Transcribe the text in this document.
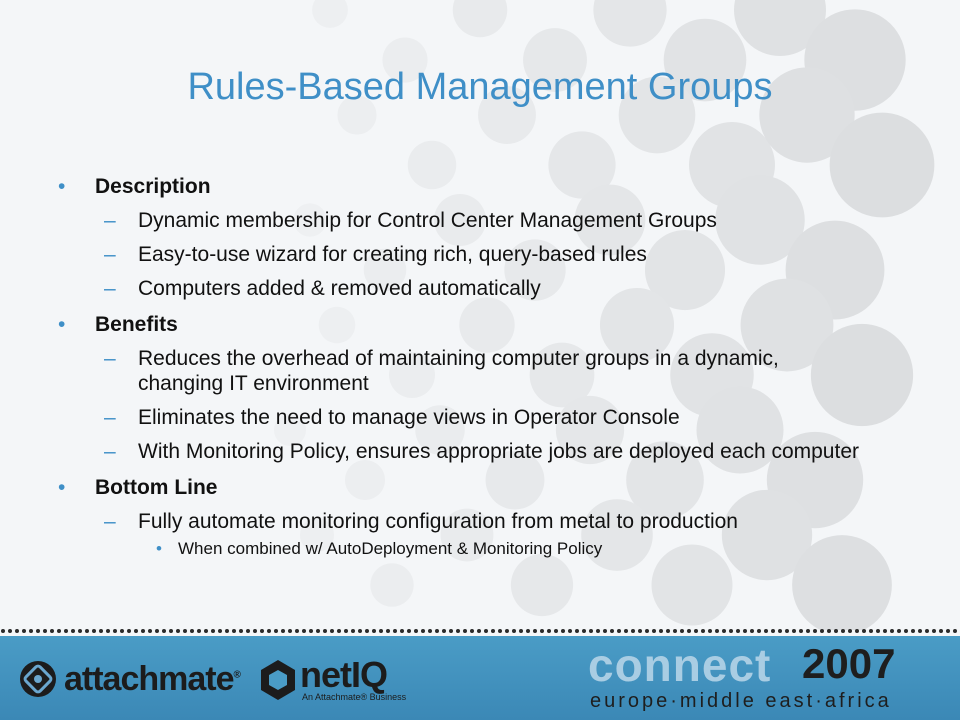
Rules-Based Management Groups
• Description
– Dynamic membership for Control Center Management Groups
– Easy-to-use wizard for creating rich, query-based rules
– Computers added & removed automatically
• Benefits
– Reduces the overhead of maintaining computer groups in a dynamic, changing IT environment
– Eliminates the need to manage views in Operator Console
– With Monitoring Policy, ensures appropriate jobs are deployed each computer
• Bottom Line
– Fully automate monitoring configuration from metal to production
• When combined w/ AutoDeployment & Monitoring Policy
attachmate® netIQ
An Attachmate® Business
connect 2007
europe·middle east·africa
